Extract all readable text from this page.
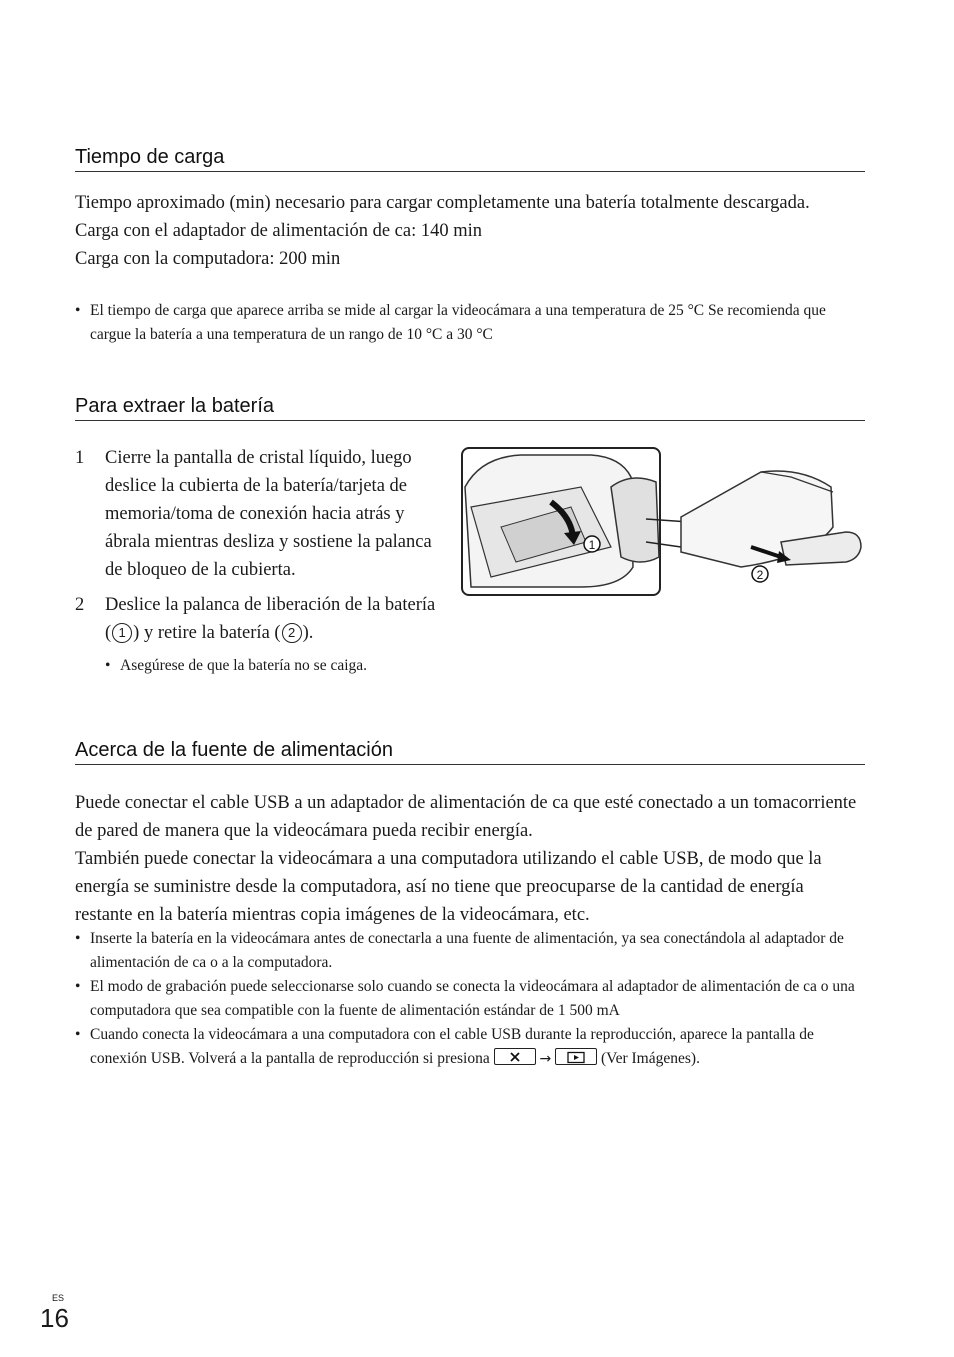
Tiempo de carga
Tiempo aproximado (min) necesario para cargar completamente una batería totalmente descargada.
Carga con el adaptador de alimentación de ca: 140 min
Carga con la computadora: 200 min
• El tiempo de carga que aparece arriba se mide al cargar la videocámara a una temperatura de 25 °C Se recomienda que cargue la batería a una temperatura de un rango de 10 °C a 30 °C
Para extraer la batería
1 Cierre la pantalla de cristal líquido, luego deslice la cubierta de la batería/tarjeta de memoria/toma de conexión hacia atrás y ábrala mientras desliza y sostiene la palanca de bloqueo de la cubierta.
2 Deslice la palanca de liberación de la batería ( 1 ) y retire la batería ( 2 ).
• Asegúrese de que la batería no se caiga.
1
2
Acerca de la fuente de alimentación
Puede conectar el cable USB a un adaptador de alimentación de ca que esté conectado a un tomacorriente de pared de manera que la videocámara pueda recibir energía.
También puede conectar la videocámara a una computadora utilizando el cable USB, de modo que la energía se suministre desde la computadora, así no tiene que preocuparse de la cantidad de energía restante en la batería mientras copia imágenes de la videocámara, etc.
• Inserte la batería en la videocámara antes de conectarla a una fuente de alimentación, ya sea conectándola al adaptador de alimentación de ca o a la computadora.
• El modo de grabación puede seleccionarse solo cuando se conecta la videocámara al adaptador de alimentación de ca o una computadora que sea compatible con la fuente de alimentación estándar de 1 500 mA
• Cuando conecta la videocámara a una computadora con el cable USB durante la reproducción, aparece la pantalla de conexión USB. Volverá a la pantalla de reproducción si presiona	→	(Ver Imágenes).
ES
16
